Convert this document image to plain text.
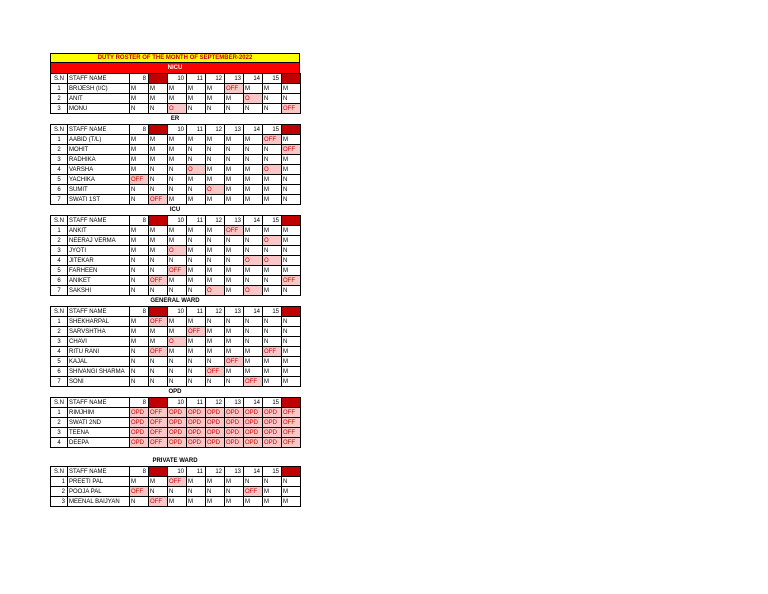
DUTY ROSTER OF THE MONTH OF SEPTEMBER-2022
NICU
S.N	STAFF NAME	8	9	10	11	12	13	14	15	16
1	BRIJESH (I/C)	M	M	M	M	M	OFF	M	M	M
2	ANIT	M	M	M	M	M	M	O	N	N
3	MONU	N	N	O	N	N	N	N	N	OFF
ER
S.N	STAFF NAME	8	9	10	11	12	13	14	15	16
1	AABID (T/L)	M	M	M	M	M	M	M	OFF	M
2	MOHIT	M	M	M	N	N	N	N	N	OFF
3	RADHIKA	M	M	M	N	N	N	N	N	M
4	VARSHA	M	N	N	O	M	M	M	O	M
5	YACHIKA	OFF	N	N	M	M	M	M	M	N
6	SUMIT	N	N	N	N	O	M	M	M	N
7	SWATI 1ST	N	OFF	M	M	M	M	M	M	N
ICU
S.N	STAFF NAME	8	9	10	11	12	13	14	15	16
1	ANKIT	M	M	M	M	M	OFF	M	M	M
2	NEERAJ VERMA	M	M	M	N	N	N	N	O	M
3	JYOTI	M	M	O	M	M	M	N	N	N
4	JITEKAR	N	N	N	N	N	N	O	O	N
5	FARHEEN	N	N	OFF	M	M	M	M	M	M
6	ANIKET	N	OFF	M	M	M	M	N	N	OFF
7	SAKSHI	N	N	N	N	O	M	O	M	N
GENERAL WARD
S.N	STAFF NAME	8	9	10	11	12	13	14	15	16
1	SHEKHARPAL	M	OFF	M	M	N	N	N	N	N
2	SARVSHTHA	M	M	M	OFF	M	M	N	N	N
3	CHAVI	M	M	O	M	M	M	N	N	N
4	RITU RANI	N	OFF	M	M	M	M	M	OFF	M
5	KAJAL	N	N	N	N	N	OFF	M	M	M
6	SHIVANGI SHARMA	N	N	N	N	OFF	M	M	M	M
7	SONI	N	N	N	N	N	N	OFF	M	M
OPD
S.N	STAFF NAME	8	9	10	11	12	13	14	15	16
1	RIMJHIM	OPD	OFF	OPD	OPD	OPD	OPD	OPD	OPD	OFF
2	SWATI 2ND	OPD	OFF	OPD	OPD	OPD	OPD	OPD	OPD	OFF
3	TEENA	OPD	OFF	OPD	OPD	OPD	OPD	OPD	OPD	OFF
4	DEEPA	OPD	OFF	OPD	OPD	OPD	OPD	OPD	OPD	OFF
PRIVATE WARD
S.N	STAFF NAME	8	9	10	11	12	13	14	15	16
1	PREETI PAL	M	M	OFF	M	M	M	N	N	N
2	POOJA PAL	OFF	N	N	N	N	N	OFF	M	M
3	MEENAL BAIJYAN	N	OFF	M	M	M	M	M	M	M
